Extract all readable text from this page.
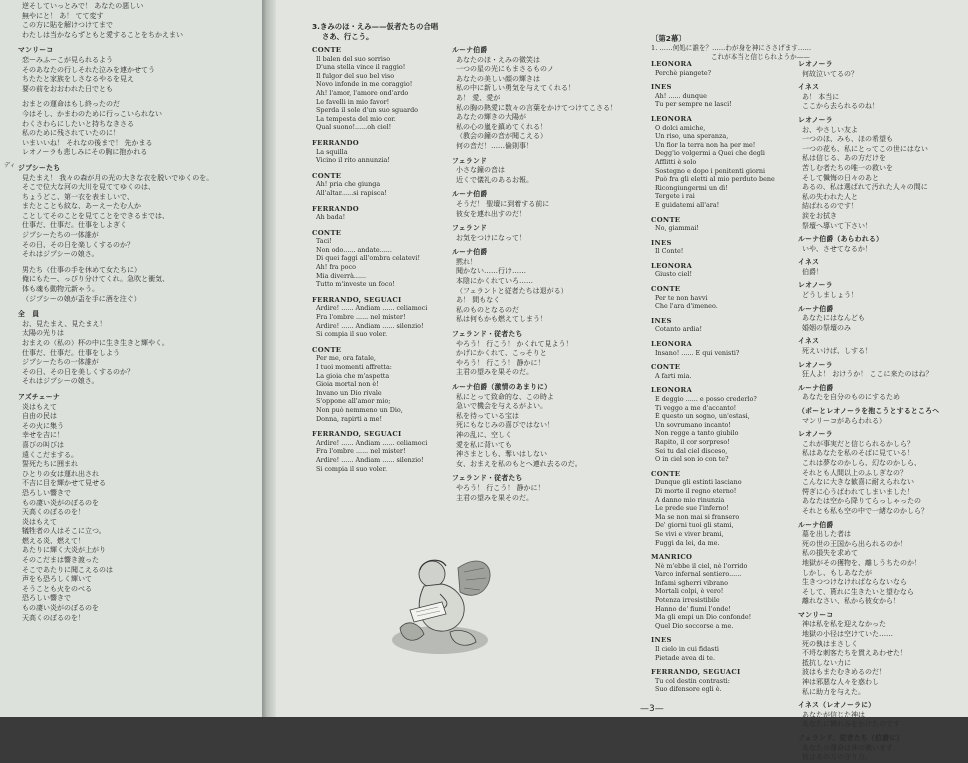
ディ
逆そしていっとみで！ あなたの悪しい
無やにと！ あ！ てて変す
この方に貼を解けつけてまで
わたしは当かならずともと愛することをちかえまい
マンリーコ
恋ーみふーこが見られるよう
そのあなたの行しそれた泣みを連かせてう
ちたたと家族をしさなるやるを見え
要の前をおおわれた日でとも
おまとの運命はもし終ったのだ
今はそし、かまわのために行っこいられない
わくさわらにしたいと持ちなきさる
私のために残されていたのに！
いまいいね！ それなの後まで！ 先かまる
レオノーラも悲しみにその胸に抱かれる
ジプシーたち
見たまえ！ 我々の森が月の光の大きな衣を脱いでゆくのを。
そこで位大な河の大川を見ててゆくのは、
ちょうどこ、第一衣を表ましいで、
またとことも紋な、あーえーたむ人か
ことしてそのことを見てことをできるまでは、
仕事だ、仕事だ。仕事をしよぎく
ジプシーたちの一体誰が
その日、その日を楽しくするのか？
それはジプシーの娘さ。
男たち（仕事の手を休めて女たちに）
俺にもたー、っぴり分けてくれ。急吹と衝気、
体も魂も動物元新ゃう。
（ジプシーの娘が盃を手に酒を注ぐ）
全　員
お、見たまえ、見たまえ！
太陽の光りは
おまえの（私の）杯の中に生き生きと輝やく。
仕事だ、仕事だ。仕事をしよう
ジプシーたちの一体誰が
その日、その日を美しくするのか？
それはジプシーの娘さ。
アズチェーナ
炎はもえて
自由の民は
その火に集う
幸せを吉に！
喜びの叫びは
遠くこだまする。
誓死たちに囲まれ
ひとりの女は運れ出され
不吉に目を輝かせて見せる
恐ろしい響きで
もの凄い炎がのぼるのを
天高くのぼるのを！
炎はもえて
犠牲者の人はそこに立つ。
燃える炎、燃えて！
あたりに輝く大炎が上がり
そのこだまは響き渡った
そこであたりに聞こえるのは
声をも恐ろしく輝いて
そうことも火をのべる
恐ろしい響きで
もの凄い炎がのぼるのを
天高くのぼるのを！
3.きみのほ・えみ——仮者たちの合唱
さあ、行こう。
CONTE
Il balen del suo sorriso
D'una stella vince il raggio!
Il fulgor del suo bel viso
Novo infonde in me coraggio!
Ah! l'amor, l'amore ond'ardo
Le favelli in mio favor!
Sperda il sole d'un suo sguardo
La tempesta del mio cor.
Qual suono!......oh ciel!
FERRANDO
La squilla
Vicino il rito annunzia!
CONTE
Ah! pria che giunga
All'altar......si rapisca!
FERRANDO
Ah bada!
CONTE
Taci!
Non odo...... andate......
Di quei faggi all'ombra celatevi!
Ah! fra poco
Mia diverrà......
Tutto m'investe un foco!
FERRANDO, SEGUACI
Ardire! ...... Andiam ...... celiamoci
Fra l'ombre ...... nel mister!
Ardire! ...... Andiam ...... silenzio!
Si compia il suo voler.
CONTE
Per me, ora fatale,
I tuoi momenti affretta:
La gioia che m'aspetta
Gioia mortal non è!
Invano un Dio rivale
S'oppone all'amor mio;
Non può nemmeno un Dio,
Donna, rapirti a me!
FERRANDO, SEGUACI
Ardire! ...... Andiam ...... celiamoci
Fra l'ombre ...... nel mister!
Ardire! ...... Andiam ...... silenzio!
Si compia il suo voler.
ルーナ伯爵
あなたのほ・えみの微笑は
一つの星の光にもまさるものノ
あなたの美しい顔の輝きは
私の中に新しい勇気を与えてくれる！
あ！ 愛、愛が
私の胸の熱愛に数々の言葉をかけてつけてこさる！
あなたの輝きの大陽が
私の心の嵐を鎮めてくれる！
（教会の鐘の音が聞こえる）
何の音だ！……倫則事！
フェランド
小さな鐘の音は
近くで儀礼のあるお報。
ルーナ伯爵
そうだ！ 聖壇に到着する前に
彼女を連れ出すのだ！
フェランド
お気をつけになって！
ルーナ伯爵
黙れ！
聞かない……行け……
本陰にかくれていろ……
（フェラントと従者たちは退がる）
あ！ 間もなく
私のものとなるのだ
私は何もかも燃えてしまう！
フェランド・従者たち
やろう！ 行こう！ かくれて見よう！
かげにかくれて、こっそりと
やろう！ 行こう！ 静かに！
主君の望みを果そのだ。
ルーナ伯爵（激情のあまりに）
私にとって致命的な、この時よ
急いで機会を与えるがよい。
私を待っている宝は
死にもなじみの喜びではない！
神の乱に、空しく
愛を私に背いても
神さまとしも、奪いはしない
女、おまえを私のもとへ連れ去るのだ。
フェランド・従者たち
やろう！ 行こう！ 静かに！
主君の望みを果そのだ。
〔第2幕〕
1. ……何処に誰を？……わが身を神にささげます……
これが本当と信じられようか——
LEONORA
Perchè piangete?
INES
Ah! ...... dunque
Tu per sempre ne lasci!
LEONORA
O dolci amiche,
Un riso, una speranza,
Un fior la terra non ha per me!
Degg'io volgermi a Quei che degli
Afflitti è solo
Sostegno e dopo i penitenti giorni
Può fra gli eletti al mio perduto bene
Ricongiungermi un dì!
Tergete i rai
E guidatemi all'ara!
CONTE
No, giammai!
INES
Il Conte!
LEONORA
Giusto ciel!
CONTE
Per te non havvi
Che l'ara d'imeneo.
INES
Cotanto ardia!
LEONORA
Insano! ...... E qui venisti?
CONTE
A farti mia.
LEONORA
E deggio ...... e posso crederlo?
Ti veggo a me d'accanto!
È questo un sogno, un'estasi,
Un sovrumano incanto!
Non regge a tanto giubilo
Rapito, il cor sorpreso!
Sei tu dal ciel disceso,
O in ciel son io con te?
CONTE
Dunque gli estinti lasciano
Di morte il regno eterno!
A danno mio rinunzia
Le prede sue l'inferno!
Ma se non mai si fransero
De' giorni tuoi gli stami,
Se vivi e viver brami,
Fuggi da lei, da me.
MANRICO
Nè m'ebbe il ciel, nè l'orrido
Varco infernal sentiero......
Infami sgherri vibrano
Mortali colpi, è vero!
Potenza irresistibile
Hanno de' fiumi l'onde!
Ma gli empi un Dio confonde!
Quel Dio soccorse a me.
INES
Il cielo in cui fidasti
Pietade avea di te.
FERRANDO, SEGUACI
Tu col destin contrasti:
Suo difensore egli è.
レオノーラ
何故泣いてるの？
イネス
あ！ 本当に
ここから去られるのね！
レオノーラ
お、やさしい友よ
一つのほ、みも、ほの希望も
一つの花も、私にとってこの世にはない
私は信じる、あの方だけを
苦しむ者たちの唯一の救いを
そして懺悔の日々のあと
あるの、私は選ばれて汚れた人々の間に
私の失われた人と
結ばれるのです！
涙をお拭き
祭壇へ導いて下さい！
ルーナ伯爵（あらわれる）
いや、させてなるか！
イネス
伯爵！
レオノーラ
どうしましょう！
ルーナ伯爵
あなたにはなんども
婚姻の祭壇のみ
イネス
死えいけば、しする！
レオノーラ
狂人よ！ おけうか！ ここに来たのはね？
ルーナ伯爵
あなたを自分のものにするため
（ポーとレオノーラを抱こうとするところへ
マンリーコがあらわれる）
レオノーラ
これが事実だと信じられるかしら？
私はあなたを私のそばに見ている！
これは夢なのかしら、幻なのかしら、
それとも人間以上のふしぎなの？
こんなに大きな歓喜に耐えられない
愕ぎに心うばわれてしまいました！
あなたは空から降りてらっしゃったの
それとも私も空の中で一緒なのかしら？
ルーナ伯爵
墓を出した者は
死の世の王国から出られるのか！
私の損失を求めて
地獄がその獲物を、離しうちたのか！
しかし、もしあなたが
生きつつけなければならないなら
そして、貰れに生きたいと望むなら
離れなさい、私から彼女から！
マンリーコ
神は私を私を迎えなかった
地獄の小径は空けていた……
死の執はまさしく
不埒な刺客たちを貫えあわせた！
抵抗しない力に
波はもまたむきめるのだ！
神は邪悪な人々を惑わし
私に助力を与えた。
イネス（レオノーラに）
あなたが信じた神は
あなたに憐れみをかけたのです
フェランド、従者たち（伯爵に）
あなたの運命は神の戦います
彼はあの方の守り方。
—3—
